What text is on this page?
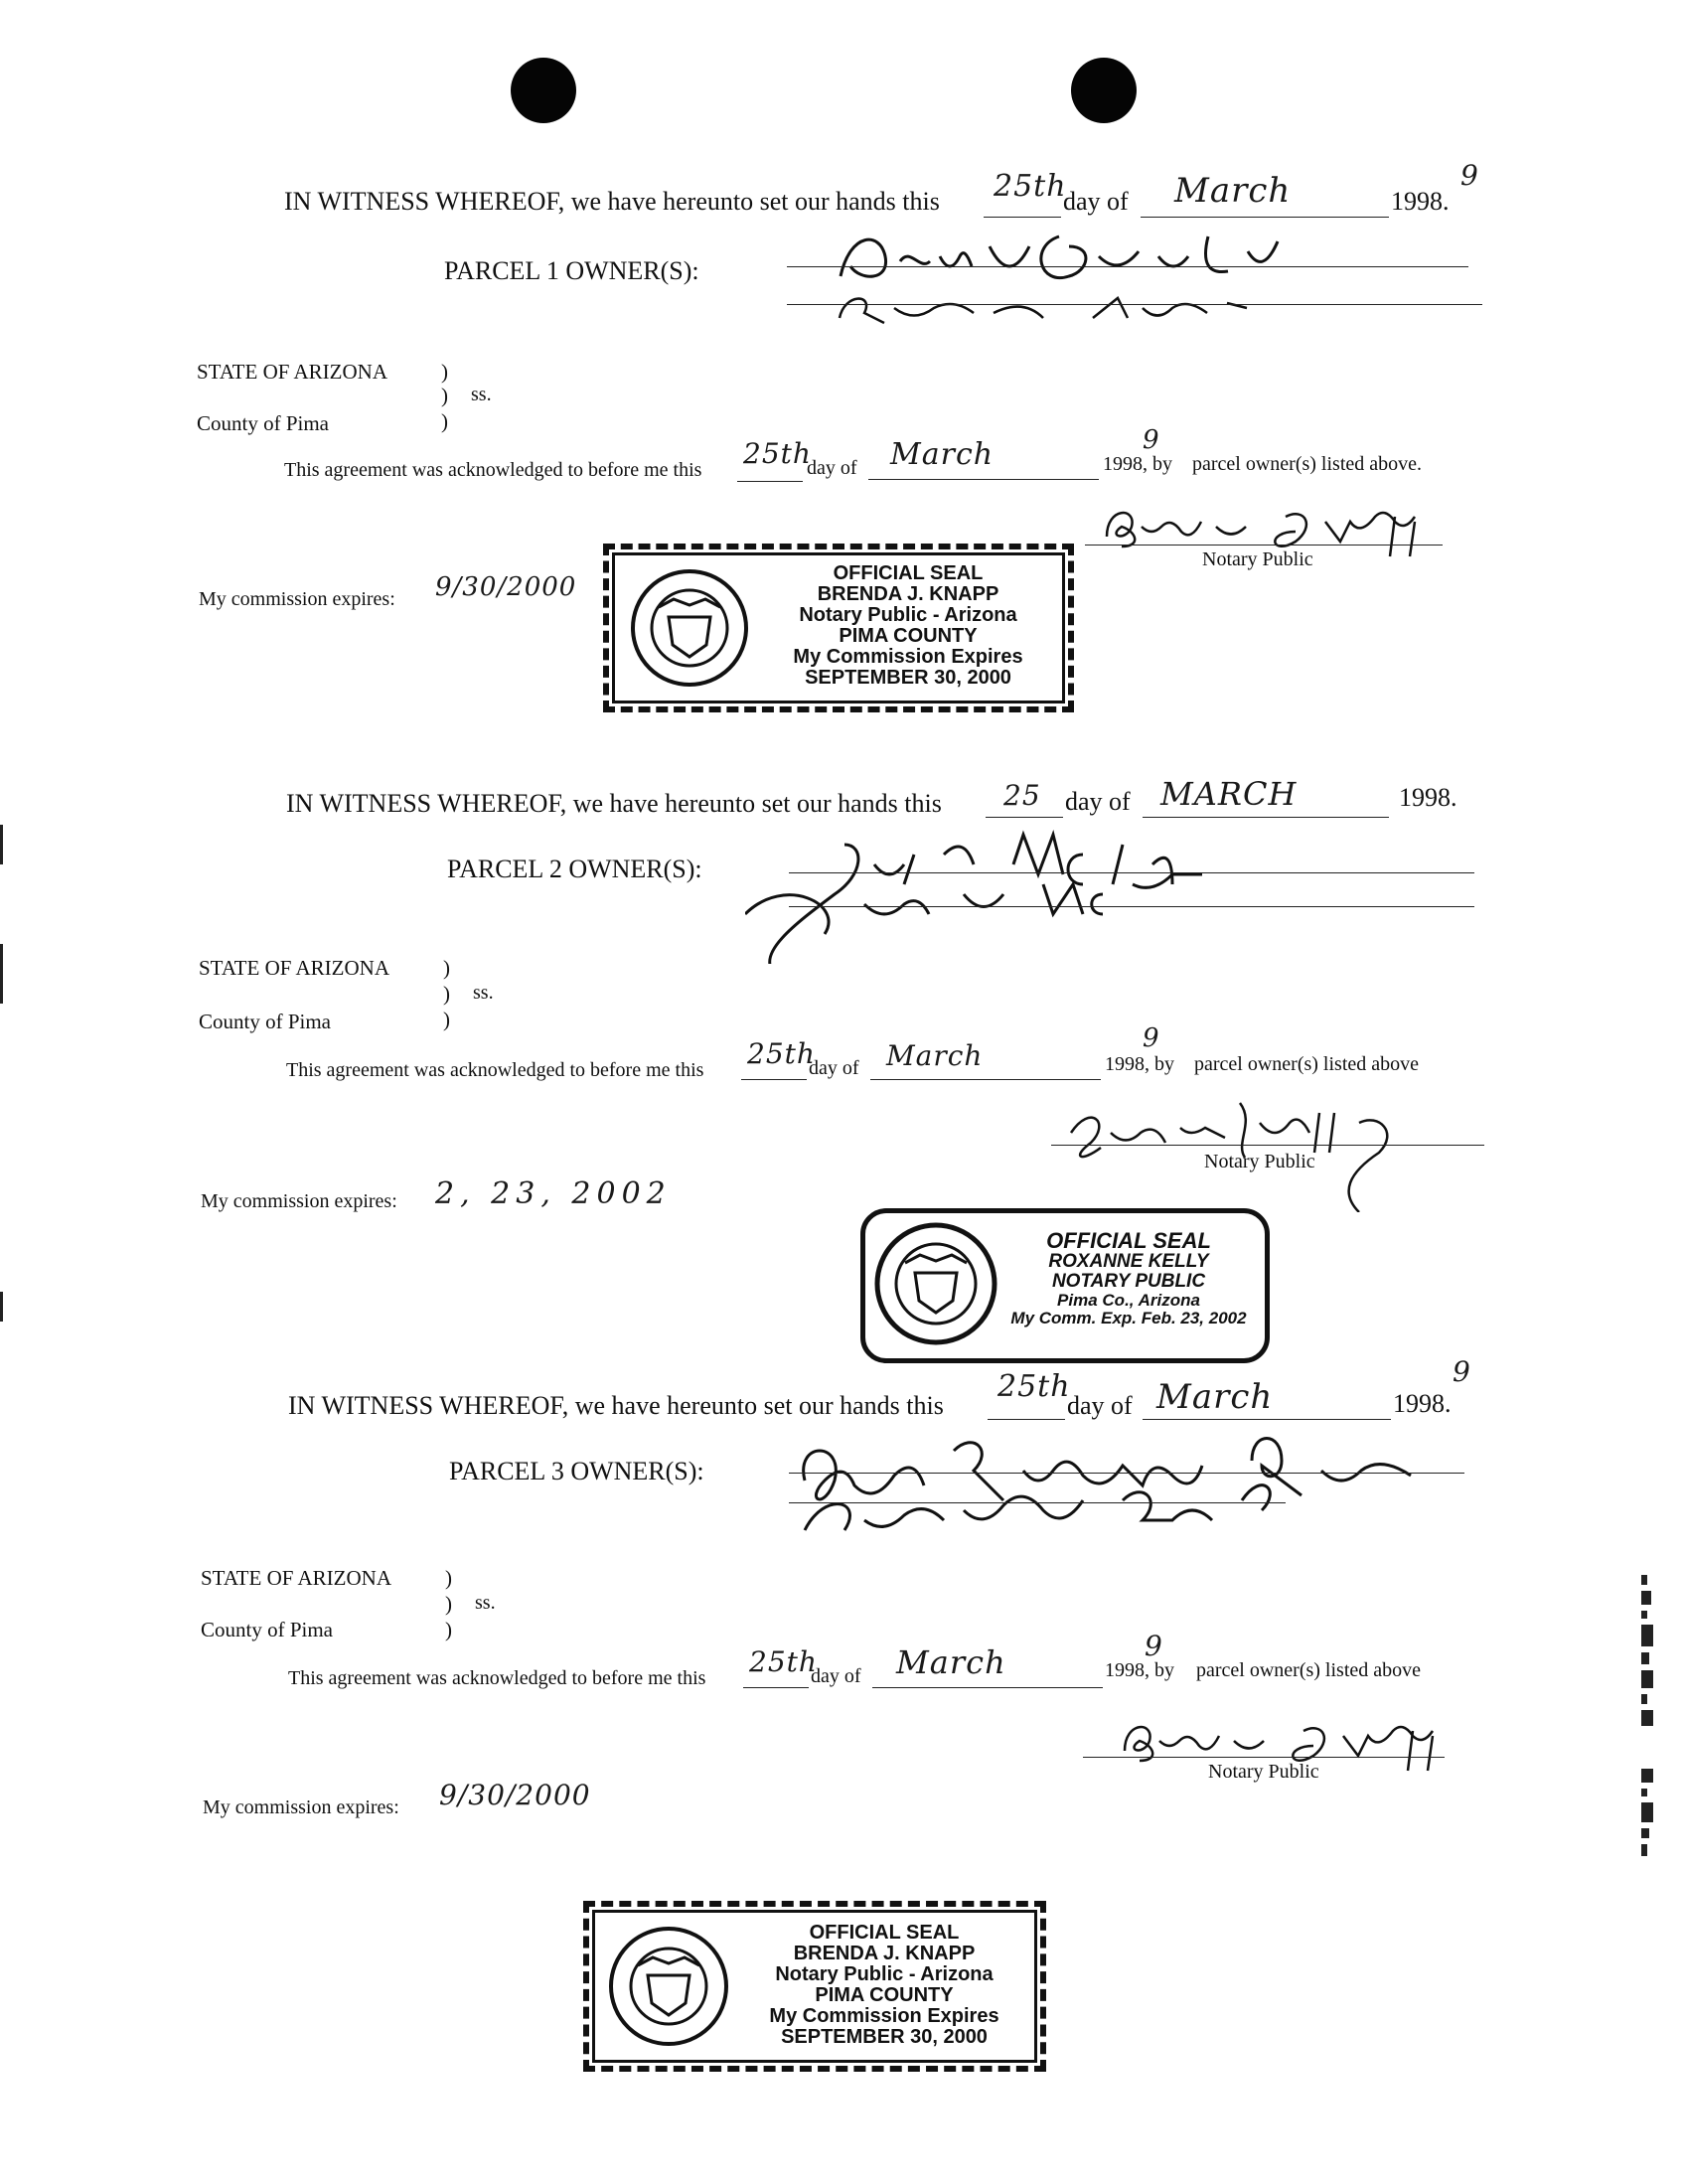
IN WITNESS WHEREOF, we have hereunto set our hands this 25th
day of March	1998.
9
PARCEL 1 OWNER(S):
STATE OF ARIZONA	)
) ss.
)
County of Pima
This agreement was acknowledged to before me this 25th
day of March	1998, by
9
parcel owner(s) listed above.
Notary Public
My commission expires: 9/30/2000	OFFICIAL SEAL
BRENDA J. KNAPP
Notary Public - Arizona
PIMA COUNTY
My Commission Expires
SEPTEMBER 30, 2000
IN WITNESS WHEREOF, we have hereunto set our hands this 25 day of MARCH	1998.
PARCEL 2 OWNER(S):
STATE OF ARIZONA	)
) ss.
)
County of Pima
This agreement was acknowledged to before me this 25th
day of March	1998, by
9
parcel owner(s) listed above
Notary Public
My commission expires: 2, 23, 2002
OFFICIAL SEAL
ROXANNE KELLY
NOTARY PUBLIC
Pima Co., Arizona
My Comm. Exp. Feb. 23, 2002
IN WITNESS WHEREOF, we have hereunto set our hands this
25th
day of March	1998.
9
PARCEL 3 OWNER(S):
STATE OF ARIZONA	)
) ss.
)
County of Pima
This agreement was acknowledged to before me this 25th
day of March	1998, by
9
parcel owner(s) listed above
Notary Public
My commission expires: 9/30/2000
OFFICIAL SEAL
BRENDA J. KNAPP
Notary Public - Arizona
PIMA COUNTY
My Commission Expires
SEPTEMBER 30, 2000
